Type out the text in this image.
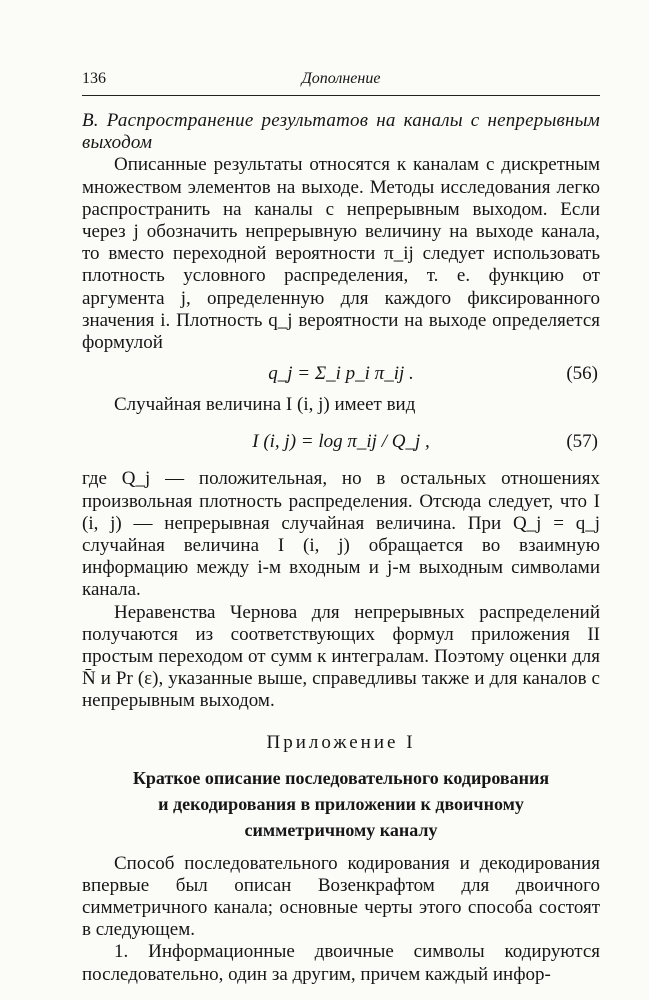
136	Дополнение

B. Распространение результатов на каналы с непрерывным выходом

Описанные результаты относятся к каналам с дискретным множеством элементов на выходе. Методы исследования легко распространить на каналы с непрерывным выходом. Если через j обозначить непрерывную величину на выходе канала, то вместо переходной вероятности π_ij следует использовать плотность условного распределения, т. е. функцию от аргумента j, определенную для каждого фиксированного значения i. Плотность q_j вероятности на выходе определяется формулой

q_j = Σ_i p_i π_ij .	(56)

Случайная величина I (i, j) имеет вид

I (i, j) = log π_ij / Q_j ,	(57)

где Q_j — положительная, но в остальных отношениях произвольная плотность распределения. Отсюда следует, что I (i, j) — непрерывная случайная величина. При Q_j = q_j случайная величина I (i, j) обращается во взаимную информацию между i-м входным и j-м выходным символами канала.

Неравенства Чернова для непрерывных распределений получаются из соответствующих формул приложения II простым переходом от сумм к интегралам. Поэтому оценки для N̄ и Pr (ε), указанные выше, справедливы также и для каналов с непрерывным выходом.

Приложение I
Краткое описание последовательного кодирования
и декодирования в приложении к двоичному
симметричному каналу

Способ последовательного кодирования и декодирования впервые был описан Возенкрафтом для двоичного симметричного канала; основные черты этого способа состоят в следующем.

1. Информационные двоичные символы кодируются последовательно, один за другим, причем каждый инфор-
